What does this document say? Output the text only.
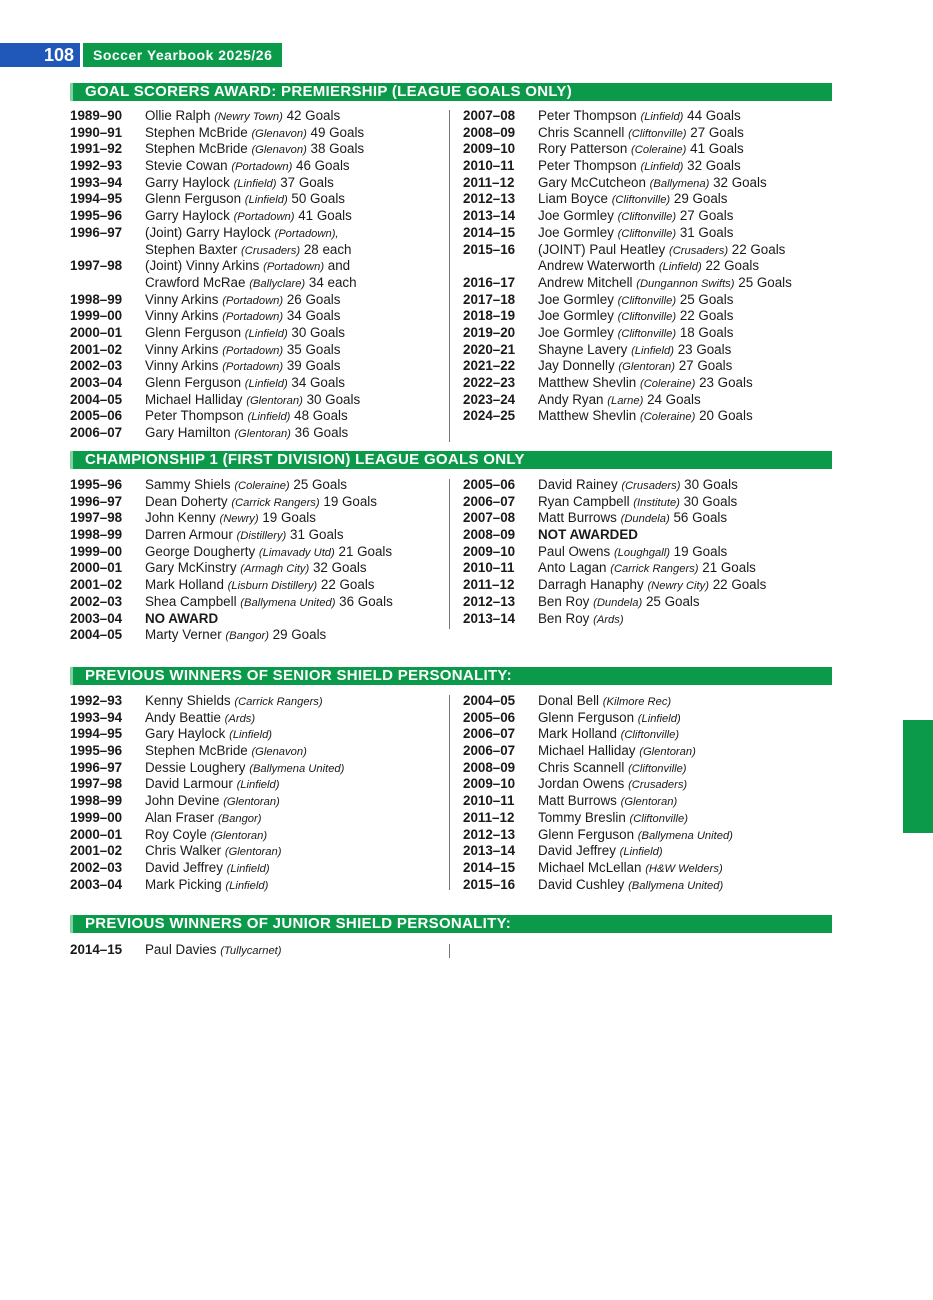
108	Soccer Yearbook 2025/26
GOAL SCORERS AWARD: PREMIERSHIP (LEAGUE GOALS ONLY)
1989–90 Ollie Ralph (Newry Town) 42 Goals
1990–91 Stephen McBride (Glenavon) 49 Goals
1991–92 Stephen McBride (Glenavon) 38 Goals
1992–93 Stevie Cowan (Portadown) 46 Goals
1993–94 Garry Haylock (Linfield) 37 Goals
1994–95 Glenn Ferguson (Linfield) 50 Goals
1995–96 Garry Haylock (Portadown) 41 Goals
1996–97 (Joint) Garry Haylock (Portadown),
Stephen Baxter (Crusaders) 28 each
1997–98 (Joint) Vinny Arkins (Portadown) and
Crawford McRae (Ballyclare) 34 each
1998–99 Vinny Arkins (Portadown) 26 Goals
1999–00 Vinny Arkins (Portadown) 34 Goals
2000–01 Glenn Ferguson (Linfield) 30 Goals
2001–02 Vinny Arkins (Portadown) 35 Goals
2002–03 Vinny Arkins (Portadown) 39 Goals
2003–04 Glenn Ferguson (Linfield) 34 Goals
2004–05 Michael Halliday (Glentoran) 30 Goals
2005–06 Peter Thompson (Linfield) 48 Goals
2006–07 Gary Hamilton (Glentoran) 36 Goals
2007–08 Peter Thompson (Linfield) 44 Goals
2008–09 Chris Scannell (Cliftonville) 27 Goals
2009–10 Rory Patterson (Coleraine) 41 Goals
2010–11 Peter Thompson (Linfield) 32 Goals
2011–12 Gary McCutcheon (Ballymena) 32 Goals
2012–13 Liam Boyce (Cliftonville) 29 Goals
2013–14 Joe Gormley (Cliftonville) 27 Goals
2014–15 Joe Gormley (Cliftonville) 31 Goals
2015–16 (JOINT) Paul Heatley (Crusaders) 22 Goals
Andrew Waterworth (Linfield) 22 Goals
2016–17 Andrew Mitchell (Dungannon Swifts) 25 Goals
2017–18 Joe Gormley (Cliftonville) 25 Goals
2018–19 Joe Gormley (Cliftonville) 22 Goals
2019–20 Joe Gormley (Cliftonville) 18 Goals
2020–21 Shayne Lavery (Linfield) 23 Goals
2021–22 Jay Donnelly (Glentoran) 27 Goals
2022–23 Matthew Shevlin (Coleraine) 23 Goals
2023–24 Andy Ryan (Larne) 24 Goals
2024–25 Matthew Shevlin (Coleraine) 20 Goals
CHAMPIONSHIP 1 (FIRST DIVISION) LEAGUE GOALS ONLY
1995–96 Sammy Shiels (Coleraine) 25 Goals
1996–97 Dean Doherty (Carrick Rangers) 19 Goals
1997–98 John Kenny (Newry) 19 Goals
1998–99 Darren Armour (Distillery) 31 Goals
1999–00 George Dougherty (Limavady Utd) 21 Goals
2000–01 Gary McKinstry (Armagh City) 32 Goals
2001–02 Mark Holland (Lisburn Distillery) 22 Goals
2002–03 Shea Campbell (Ballymena United) 36 Goals
2003–04 NO AWARD
2004–05 Marty Verner (Bangor) 29 Goals
2005–06 David Rainey (Crusaders) 30 Goals
2006–07 Ryan Campbell (Institute) 30 Goals
2007–08 Matt Burrows (Dundela) 56 Goals
2008–09 NOT AWARDED
2009–10 Paul Owens (Loughgall) 19 Goals
2010–11 Anto Lagan (Carrick Rangers) 21 Goals
2011–12 Darragh Hanaphy (Newry City) 22 Goals
2012–13 Ben Roy (Dundela) 25 Goals
2013–14 Ben Roy (Ards)
PREVIOUS WINNERS OF SENIOR SHIELD PERSONALITY:
1992–93 Kenny Shields (Carrick Rangers)
1993–94 Andy Beattie (Ards)
1994–95 Gary Haylock (Linfield)
1995–96 Stephen McBride (Glenavon)
1996–97 Dessie Loughery (Ballymena United)
1997–98 David Larmour (Linfield)
1998–99 John Devine (Glentoran)
1999–00 Alan Fraser (Bangor)
2000–01 Roy Coyle (Glentoran)
2001–02 Chris Walker (Glentoran)
2002–03 David Jeffrey (Linfield)
2003–04 Mark Picking (Linfield)
2004–05 Donal Bell (Kilmore Rec)
2005–06 Glenn Ferguson (Linfield)
2006–07 Mark Holland (Cliftonville)
2006–07 Michael Halliday (Glentoran)
2008–09 Chris Scannell (Cliftonville)
2009–10 Jordan Owens (Crusaders)
2010–11 Matt Burrows (Glentoran)
2011–12 Tommy Breslin (Cliftonville)
2012–13 Glenn Ferguson (Ballymena United)
2013–14 David Jeffrey (Linfield)
2014–15 Michael McLellan (H&W Welders)
2015–16 David Cushley (Ballymena United)
PREVIOUS WINNERS OF JUNIOR SHIELD PERSONALITY:
2014–15 Paul Davies (Tullycarnet)
